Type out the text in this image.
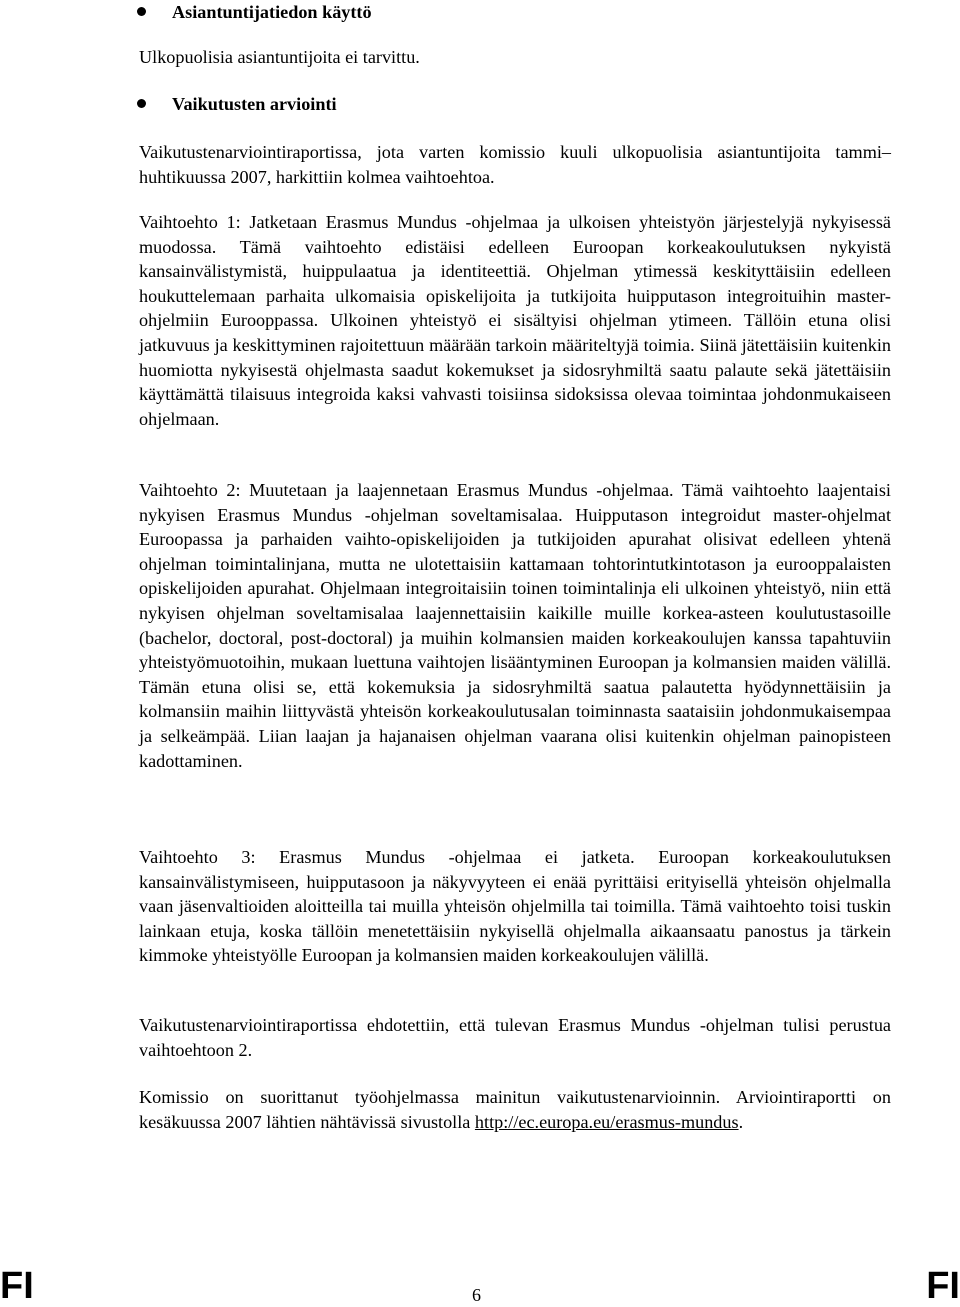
Asiantuntijatiedon käyttö

Ulkopuolisia asiantuntijoita ei tarvittu.

Vaikutusten arviointi

Vaikutustenarviointiraportissa, jota varten komissio kuuli ulkopuolisia asiantuntijoita tammi–huhtikuussa 2007, harkittiin kolmea vaihtoehtoa.

Vaihtoehto 1: Jatketaan Erasmus Mundus -ohjelmaa ja ulkoisen yhteistyön järjestelyjä nykyisessä muodossa. Tämä vaihtoehto edistäisi edelleen Euroopan korkeakoulutuksen nykyistä kansainvälistymistä, huippulaatua ja identiteettiä. Ohjelman ytimessä keskityttäisiin edelleen houkuttelemaan parhaita ulkomaisia opiskelijoita ja tutkijoita huipputason integroituihin master-ohjelmiin Eurooppassa. Ulkoinen yhteistyö ei sisältyisi ohjelman ytimeen. Tällöin etuna olisi jatkuvuus ja keskittyminen rajoitettuun määrään tarkoin määriteltyjä toimia. Siinä jätettäisiin kuitenkin huomiotta nykyisestä ohjelmasta saadut kokemukset ja sidosryhmiltä saatu palaute sekä jätettäisiin käyttämättä tilaisuus integroida kaksi vahvasti toisiinsa sidoksissa olevaa toimintaa johdonmukaiseen ohjelmaan.

Vaihtoehto 2: Muutetaan ja laajennetaan Erasmus Mundus -ohjelmaa. Tämä vaihtoehto laajentaisi nykyisen Erasmus Mundus -ohjelman soveltamisalaa. Huipputason integroidut master-ohjelmat Euroopassa ja parhaiden vaihto-opiskelijoiden ja tutkijoiden apurahat olisivat edelleen yhtenä ohjelman toimintalinjana, mutta ne ulotettaisiin kattamaan tohtorintutkintotason ja eurooppalaisten opiskelijoiden apurahat. Ohjelmaan integroitaisiin toinen toimintalinja eli ulkoinen yhteistyö, niin että nykyisen ohjelman soveltamisalaa laajennettaisiin kaikille muille korkea-asteen koulutustasoille (bachelor, doctoral, post-doctoral) ja muihin kolmansien maiden korkeakoulujen kanssa tapahtuviin yhteistyömuotoihin, mukaan luettuna vaihtojen lisääntyminen Euroopan ja kolmansien maiden välillä. Tämän etuna olisi se, että kokemuksia ja sidosryhmiltä saatua palautetta hyödynnettäisiin ja kolmansiin maihin liittyvästä yhteisön korkeakoulutusalan toiminnasta saataisiin johdonmukaisempaa ja selkeämpää. Liian laajan ja hajanaisen ohjelman vaarana olisi kuitenkin ohjelman painopisteen kadottaminen.

Vaihtoehto 3: Erasmus Mundus -ohjelmaa ei jatketa. Euroopan korkeakoulutuksen kansainvälistymiseen, huipputasoon ja näkyvyyteen ei enää pyrittäisi erityisellä yhteisön ohjelmalla vaan jäsenvaltioiden aloitteilla tai muilla yhteisön ohjelmilla tai toimilla. Tämä vaihtoehto toisi tuskin lainkaan etuja, koska tällöin menetettäisiin nykyisellä ohjelmalla aikaansaatu panostus ja tärkein kimmoke yhteistyölle Euroopan ja kolmansien maiden korkeakoulujen välillä.

Vaikutustenarviointiraportissa ehdotettiin, että tulevan Erasmus Mundus -ohjelman tulisi perustua vaihtoehtoon 2.

Komissio on suorittanut työohjelmassa mainitun vaikutustenarvioinnin. Arviointiraportti on kesäkuussa 2007 lähtien nähtävissä sivustolla http://ec.europa.eu/erasmus-mundus.

FI	6	FI
